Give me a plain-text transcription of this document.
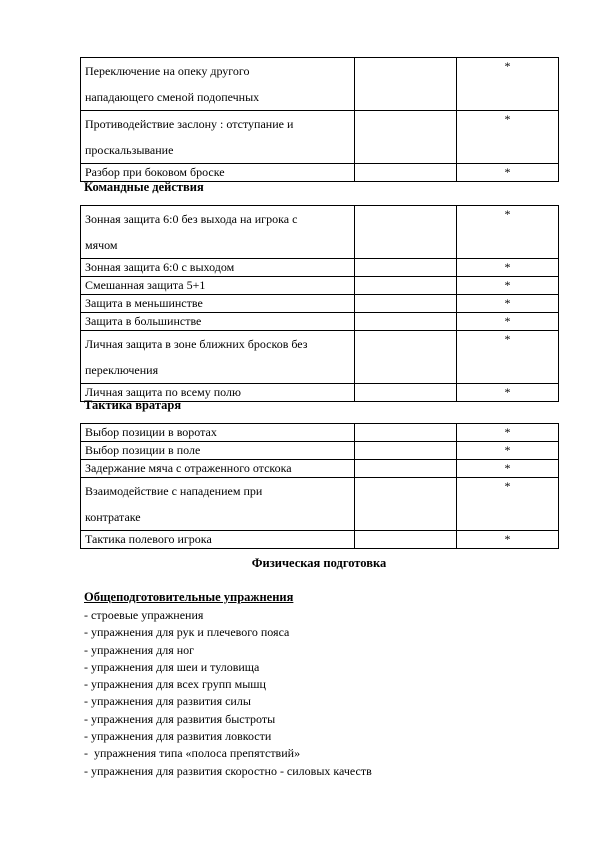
Переключение на опеку другого
нападающего сменой подопечных		*
Противодействие заслону : отступание и
проскальзывание		*
Разбор при боковом броске		*
Командные действия
Зонная защита 6:0 без выхода на игрока с
мячом		*
Зонная защита 6:0 с выходом		*
Смешанная защита 5+1		*
Защита в меньшинстве		*
Защита в большинстве		*
Личная защита в зоне ближних бросков без
переключения		*
Личная защита по всему полю		*
Тактика вратаря
Выбор позиции в воротах		*
Выбор позиции в поле		*
Задержание мяча с отраженного отскока		*
Взаимодействие с нападением при
контратаке		*
Тактика полевого игрока		*
Физическая подготовка
Общеподготовительные упражнения
- строевые упражнения
- упражнения для рук и плечевого пояса
- упражнения для ног
- упражнения для шеи и туловища
- упражнения для всех групп мышц
- упражнения для развития силы
- упражнения для развития быстроты
- упражнения для развития ловкости
-  упражнения типа «полоса препятствий»
- упражнения для развития скоростно - силовых качеств
